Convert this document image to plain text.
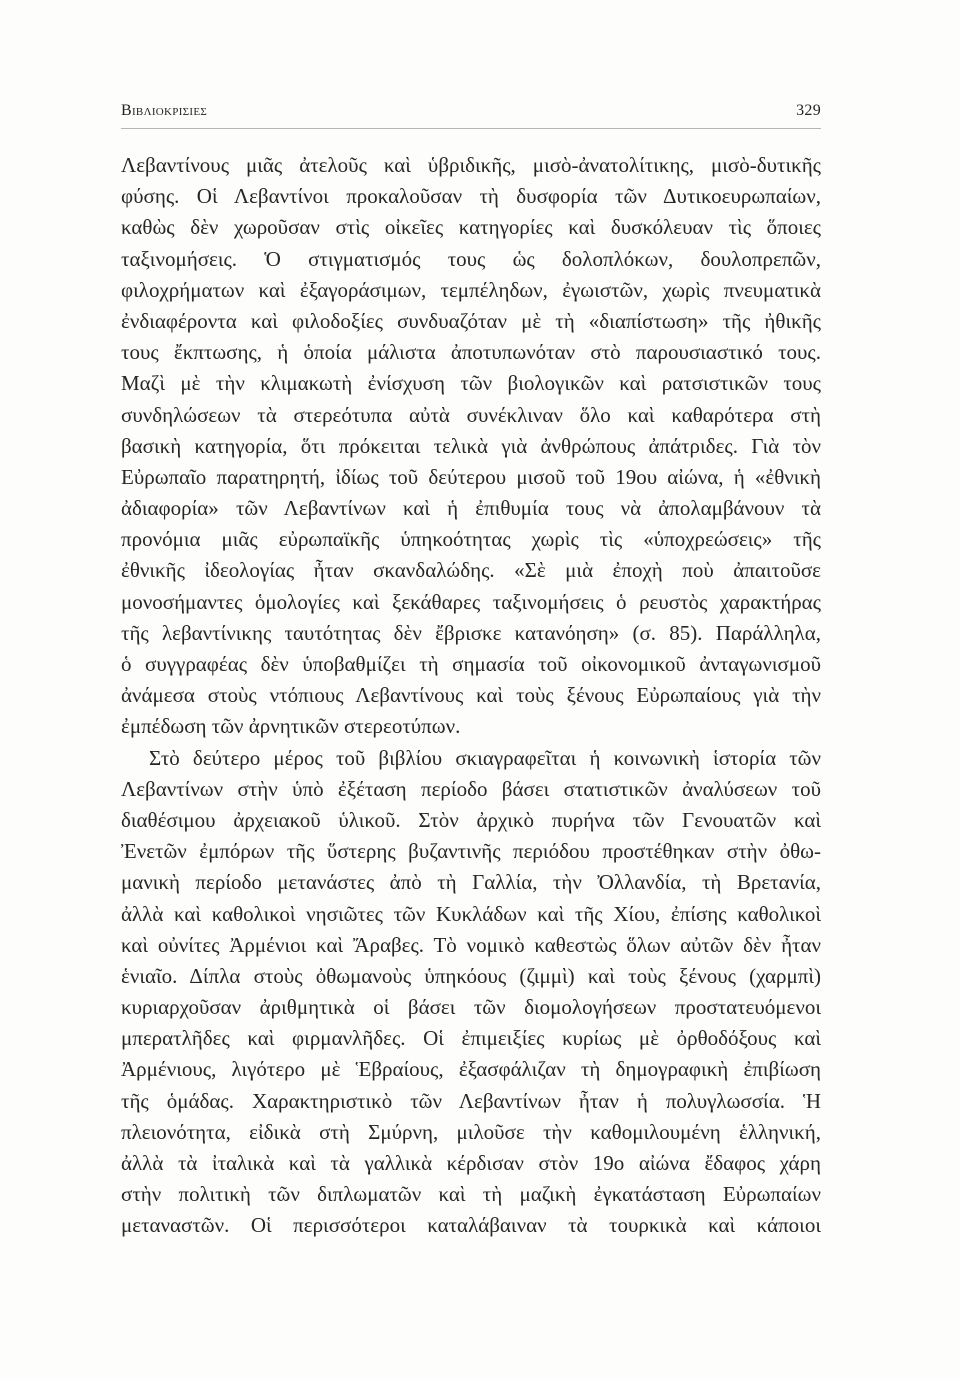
Βιβλιοκρισιες	329

Λεβαντίνους μιᾶς ἀτελοῦς καὶ ὑβριδικῆς, μισὸ-ἀνατολίτικης, μισὸ-δυτικῆς
φύσης. Οἱ Λεβαντίνοι προκαλοῦσαν τὴ δυσφορία τῶν Δυτικοευρωπαίων,
καθὼς δὲν χωροῦσαν στὶς οἰκεῖες κατηγορίες καὶ δυσκόλευαν τὶς ὅποιες
ταξινομήσεις. Ὁ στιγματισμός τους ὡς δολοπλόκων, δουλοπρεπῶν,
φιλοχρήματων καὶ ἐξαγοράσιμων, τεμπέληδων, ἐγωιστῶν, χωρὶς πνευματικὰ
ἐνδιαφέροντα καὶ φιλοδοξίες συνδυαζόταν μὲ τὴ «διαπίστωση» τῆς ἠθικῆς
τους ἔκπτωσης, ἡ ὁποία μάλιστα ἀποτυπωνόταν στὸ παρουσιαστικό τους.
Μαζὶ μὲ τὴν κλιμακωτὴ ἐνίσχυση τῶν βιολογικῶν καὶ ρατσιστικῶν τους
συνδηλώσεων τὰ στερεότυπα αὐτὰ συνέκλιναν ὅλο καὶ καθαρότερα στὴ
βασικὴ κατηγορία, ὅτι πρόκειται τελικὰ γιὰ ἀνθρώπους ἀπάτριδες. Γιὰ τὸν
Εὐρωπαῖο παρατηρητή, ἰδίως τοῦ δεύτερου μισοῦ τοῦ 19ου αἰώνα, ἡ «ἐθνικὴ
ἀδιαφορία» τῶν Λεβαντίνων καὶ ἡ ἐπιθυμία τους νὰ ἀπολαμβάνουν τὰ
προνόμια μιᾶς εὐρωπαϊκῆς ὑπηκοότητας χωρὶς τὶς «ὑποχρεώσεις» τῆς
ἐθνικῆς ἰδεολογίας ἦταν σκανδαλώδης. «Σὲ μιὰ ἐποχὴ ποὺ ἀπαιτοῦσε
μονοσήμαντες ὁμολογίες καὶ ξεκάθαρες ταξινομήσεις ὁ ρευστὸς χαρακτήρας
τῆς λεβαντίνικης ταυτότητας δὲν ἔβρισκε κατανόηση» (σ. 85). Παράλληλα,
ὁ συγγραφέας δὲν ὑποβαθμίζει τὴ σημασία τοῦ οἰκονομικοῦ ἀνταγωνισμοῦ
ἀνάμεσα στοὺς ντόπιους Λεβαντίνους καὶ τοὺς ξένους Εὐρωπαίους γιὰ τὴν
ἐμπέδωση τῶν ἀρνητικῶν στερεοτύπων.

Στὸ δεύτερο μέρος τοῦ βιβλίου σκιαγραφεῖται ἡ κοινωνικὴ ἱστορία τῶν
Λεβαντίνων στὴν ὑπὸ ἐξέταση περίοδο βάσει στατιστικῶν ἀναλύσεων τοῦ
διαθέσιμου ἀρχειακοῦ ὑλικοῦ. Στὸν ἀρχικὸ πυρήνα τῶν Γενουατῶν καὶ
Ἐνετῶν ἐμπόρων τῆς ὕστερης βυζαντινῆς περιόδου προστέθηκαν στὴν ὀθω-
μανικὴ περίοδο μετανάστες ἀπὸ τὴ Γαλλία, τὴν Ὀλλανδία, τὴ Βρετανία,
ἀλλὰ καὶ καθολικοὶ νησιῶτες τῶν Κυκλάδων καὶ τῆς Χίου, ἐπίσης καθολικοὶ
καὶ οὐνίτες Ἀρμένιοι καὶ Ἄραβες. Τὸ νομικὸ καθεστὼς ὅλων αὐτῶν δὲν ἦταν
ἑνιαῖο. Δίπλα στοὺς ὀθωμανοὺς ὑπηκόους (ζιμμὶ) καὶ τοὺς ξένους (χαρμπὶ)
κυριαρχοῦσαν ἀριθμητικὰ οἱ βάσει τῶν διομολογήσεων προστατευόμενοι
μπερατλῆδες καὶ φιρμανλῆδες. Οἱ ἐπιμειξίες κυρίως μὲ ὀρθοδόξους καὶ
Ἀρμένιους, λιγότερο μὲ Ἑβραίους, ἐξασφάλιζαν τὴ δημογραφικὴ ἐπιβίωση
τῆς ὁμάδας. Χαρακτηριστικὸ τῶν Λεβαντίνων ἦταν ἡ πολυγλωσσία. Ἡ
πλειονότητα, εἰδικὰ στὴ Σμύρνη, μιλοῦσε τὴν καθομιλουμένη ἑλληνική,
ἀλλὰ τὰ ἰταλικὰ καὶ τὰ γαλλικὰ κέρδισαν στὸν 19ο αἰώνα ἔδαφος χάρη
στὴν πολιτικὴ τῶν διπλωματῶν καὶ τὴ μαζικὴ ἐγκατάσταση Εὐρωπαίων
μεταναστῶν. Οἱ περισσότεροι καταλάβαιναν τὰ τουρκικὰ καὶ κάποιοι
